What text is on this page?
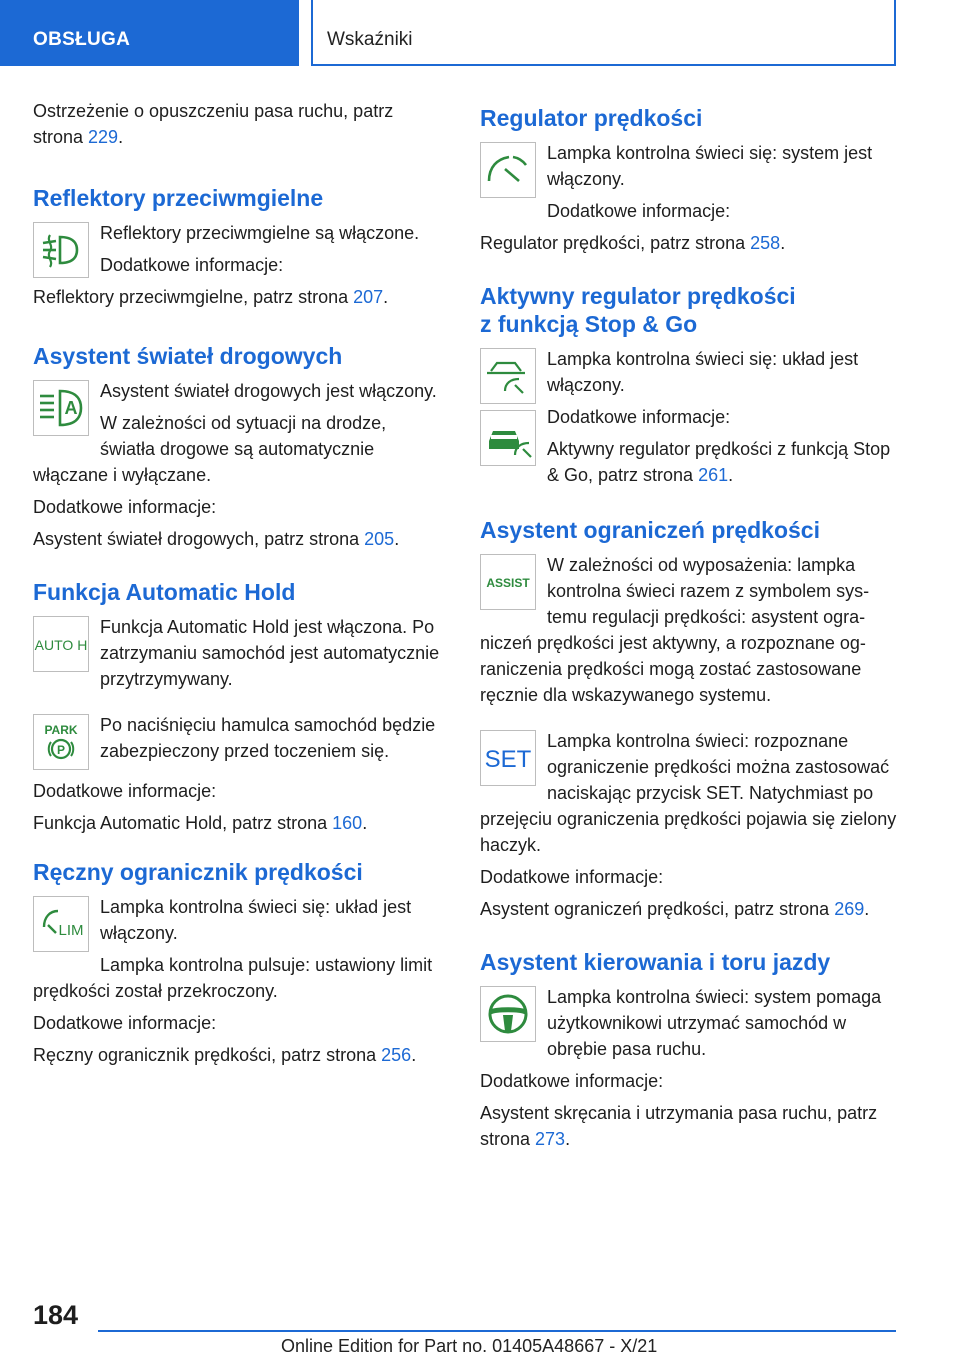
OBSŁUGA	Wskaźniki

Ostrzeżenie o opuszczeniu pasa ruchu, patrz strona 229.

Reflektory przeciwmgielne

Reflektory przeciwmgielne są włączone.

Dodatkowe informacje:

Reflektory przeciwmgielne, patrz strona 207.

Asystent świateł drogowych
A

Asystent świateł drogowych jest włączony.

W zależności od sytuacji na drodze, światła drogowe są automatycznie włączane i wyłączane.

Dodatkowe informacje:

Asystent świateł drogowych, patrz strona 205.

Funkcja Automatic Hold
AUTO H

Funkcja Automatic Hold jest włączona. Po zatrzymaniu samochód jest automatycznie przytrzymywany.

PARK
P

Po naciśnięciu hamulca samochód będzie zabezpieczony przed toczeniem się.

Dodatkowe informacje:

Funkcja Automatic Hold, patrz strona 160.

Ręczny ogranicznik prędkości
LIM

Lampka kontrolna świeci się: układ jest włączony.

Lampka kontrolna pulsuje: ustawiony limit prędkości został przekroczony.

Dodatkowe informacje:

Ręczny ogranicznik prędkości, patrz strona 256.

Regulator prędkości

Lampka kontrolna świeci się: system jest włączony.

Dodatkowe informacje:

Regulator prędkości, patrz strona 258.

Aktywny regulator prędkości
z funkcją Stop & Go

Lampka kontrolna świeci się: układ jest włączony.

Dodatkowe informacje:

Aktywny regulator prędkości z funkcją Stop & Go, patrz strona 261.

Asystent ograniczeń prędkości
ASSIST

W zależności od wyposażenia: lampka kontrolna świeci razem z symbolem systemu regulacji prędkości: asystent ograniczeń prędkości jest aktywny, a rozpoznane ograniczenia prędkości mogą zostać zastosowane ręcznie dla wskazywanego systemu.

SET

Lampka kontrolna świeci: rozpoznane ograniczenie prędkości można zastosować naciskając przycisk SET. Natychmiast po przejęciu ograniczenia prędkości pojawia się zielony haczyk.

Dodatkowe informacje:

Asystent ograniczeń prędkości, patrz strona 269.

Asystent kierowania i toru jazdy

Lampka kontrolna świeci: system pomaga użytkownikowi utrzymać samochód w obrębie pasa ruchu.

Dodatkowe informacje:

Asystent skręcania i utrzymania pasa ruchu, patrz strona 273.

184
Online Edition for Part no. 01405A48667 - X/21
